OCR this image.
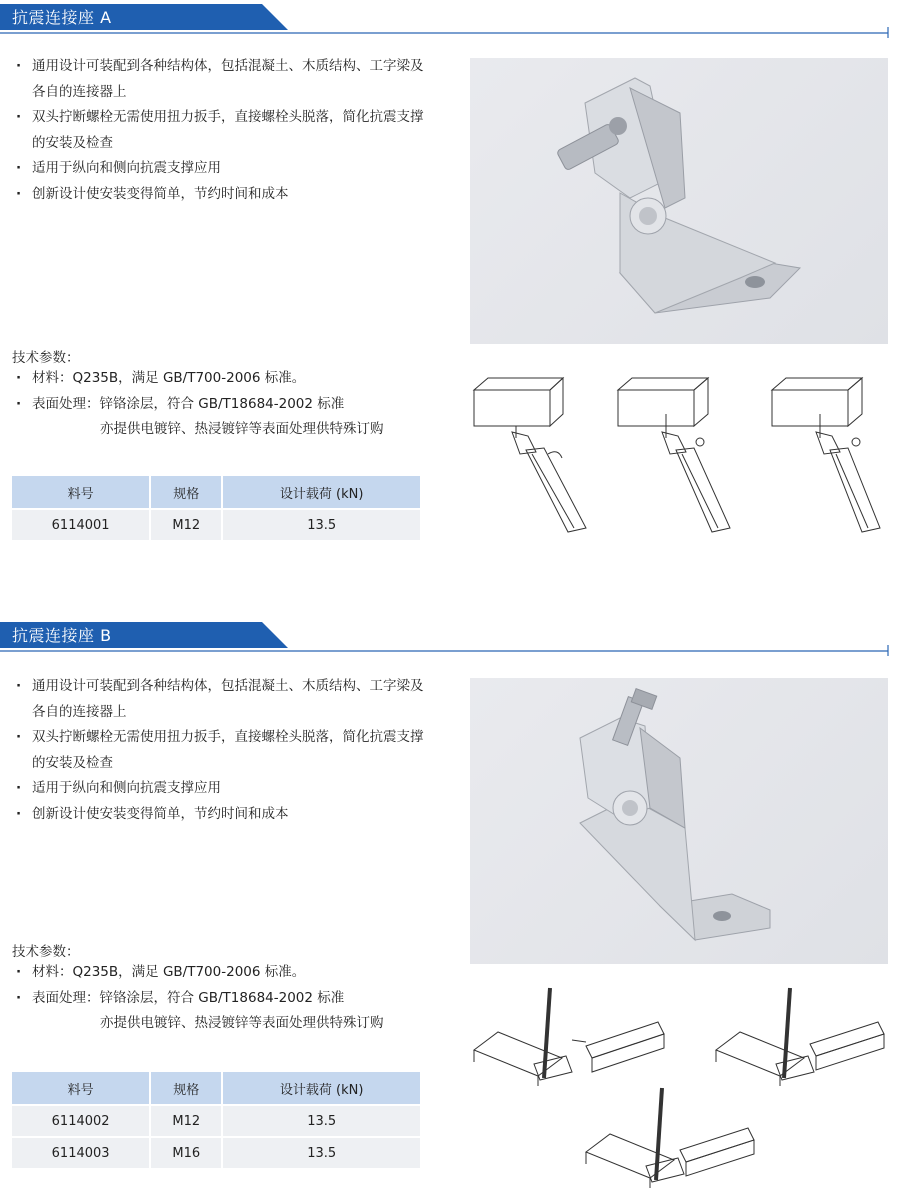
抗震连接座 A
· 通用设计可装配到各种结构体，包括混凝土、木质结构、工字梁及各自的连接器上
· 双头拧断螺栓无需使用扭力扳手，直接螺栓头脱落，简化抗震支撑的安装及检查
· 适用于纵向和侧向抗震支撑应用
· 创新设计使安装变得简单，节约时间和成本
技术参数：
· 材料：Q235B，满足 GB/T700-2006 标准。
· 表面处理：锌铬涂层，符合 GB/T18684-2002 标准
亦提供电镀锌、热浸镀锌等表面处理供特殊订购
料号	规格	设计载荷 (kN)
6114001	M12	13.5
抗震连接座 B
· 通用设计可装配到各种结构体，包括混凝土、木质结构、工字梁及各自的连接器上
· 双头拧断螺栓无需使用扭力扳手，直接螺栓头脱落，简化抗震支撑的安装及检查
· 适用于纵向和侧向抗震支撑应用
· 创新设计使安装变得简单，节约时间和成本
技术参数：
· 材料：Q235B，满足 GB/T700-2006 标准。
· 表面处理：锌铬涂层，符合 GB/T18684-2002 标准
亦提供电镀锌、热浸镀锌等表面处理供特殊订购
料号	规格	设计载荷 (kN)
6114002	M12	13.5
6114003	M16	13.5
